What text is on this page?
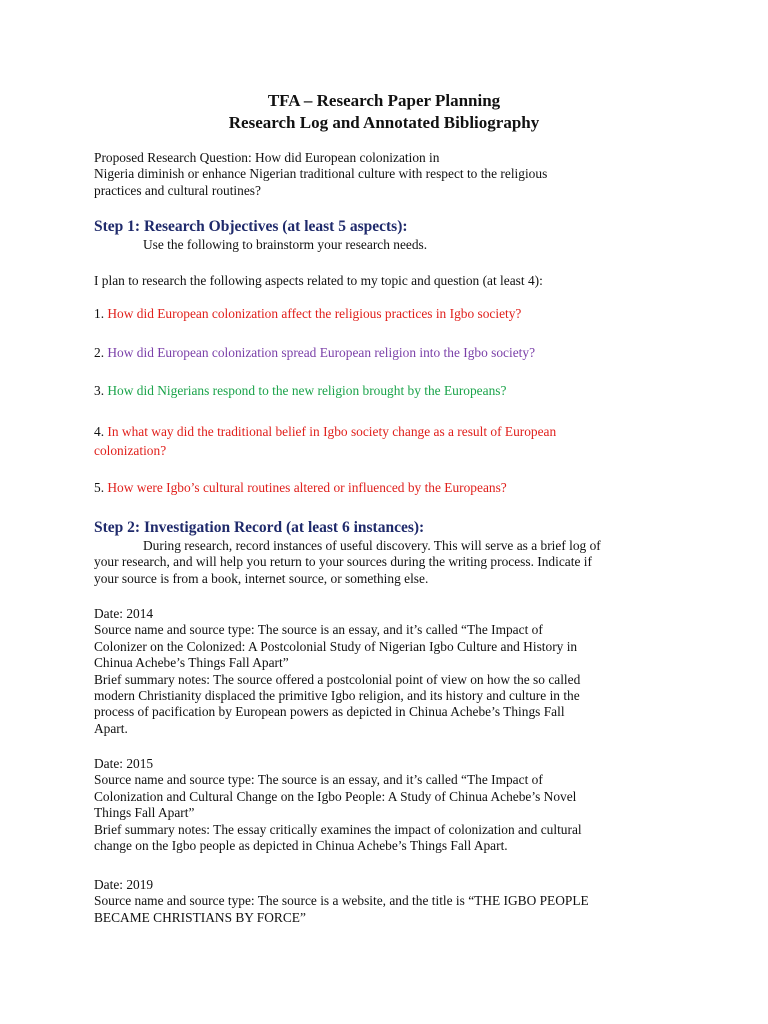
TFA – Research Paper Planning
Research Log and Annotated Bibliography
Proposed Research Question: How did European colonization in
Nigeria diminish or enhance Nigerian traditional culture with respect to the religious
practices and cultural routines?
Step 1: Research Objectives (at least 5 aspects):
Use the following to brainstorm your research needs.
I plan to research the following aspects related to my topic and question (at least 4):
1. How did European colonization affect the religious practices in Igbo society?
2. How did European colonization spread European religion into the Igbo society?
3. How did Nigerians respond to the new religion brought by the Europeans?
4. In what way did the traditional belief in Igbo society change as a result of European
colonization?
5. How were Igbo’s cultural routines altered or influenced by the Europeans?
Step 2: Investigation Record (at least 6 instances):
During research, record instances of useful discovery. This will serve as a brief log of
your research, and will help you return to your sources during the writing process. Indicate if
your source is from a book, internet source, or something else.
Date: 2014
Source name and source type: The source is an essay, and it’s called “The Impact of
Colonizer on the Colonized: A Postcolonial Study of Nigerian Igbo Culture and History in
Chinua Achebe’s Things Fall Apart”
Brief summary notes: The source offered a postcolonial point of view on how the so called
modern Christianity displaced the primitive Igbo religion, and its history and culture in the
process of pacification by European powers as depicted in Chinua Achebe’s Things Fall
Apart.
Date: 2015
Source name and source type: The source is an essay, and it’s called “The Impact of
Colonization and Cultural Change on the Igbo People: A Study of Chinua Achebe’s Novel
Things Fall Apart”
Brief summary notes: The essay critically examines the impact of colonization and cultural
change on the Igbo people as depicted in Chinua Achebe’s Things Fall Apart.
Date: 2019
Source name and source type: The source is a website, and the title is “THE IGBO PEOPLE
BECAME CHRISTIANS BY FORCE”
